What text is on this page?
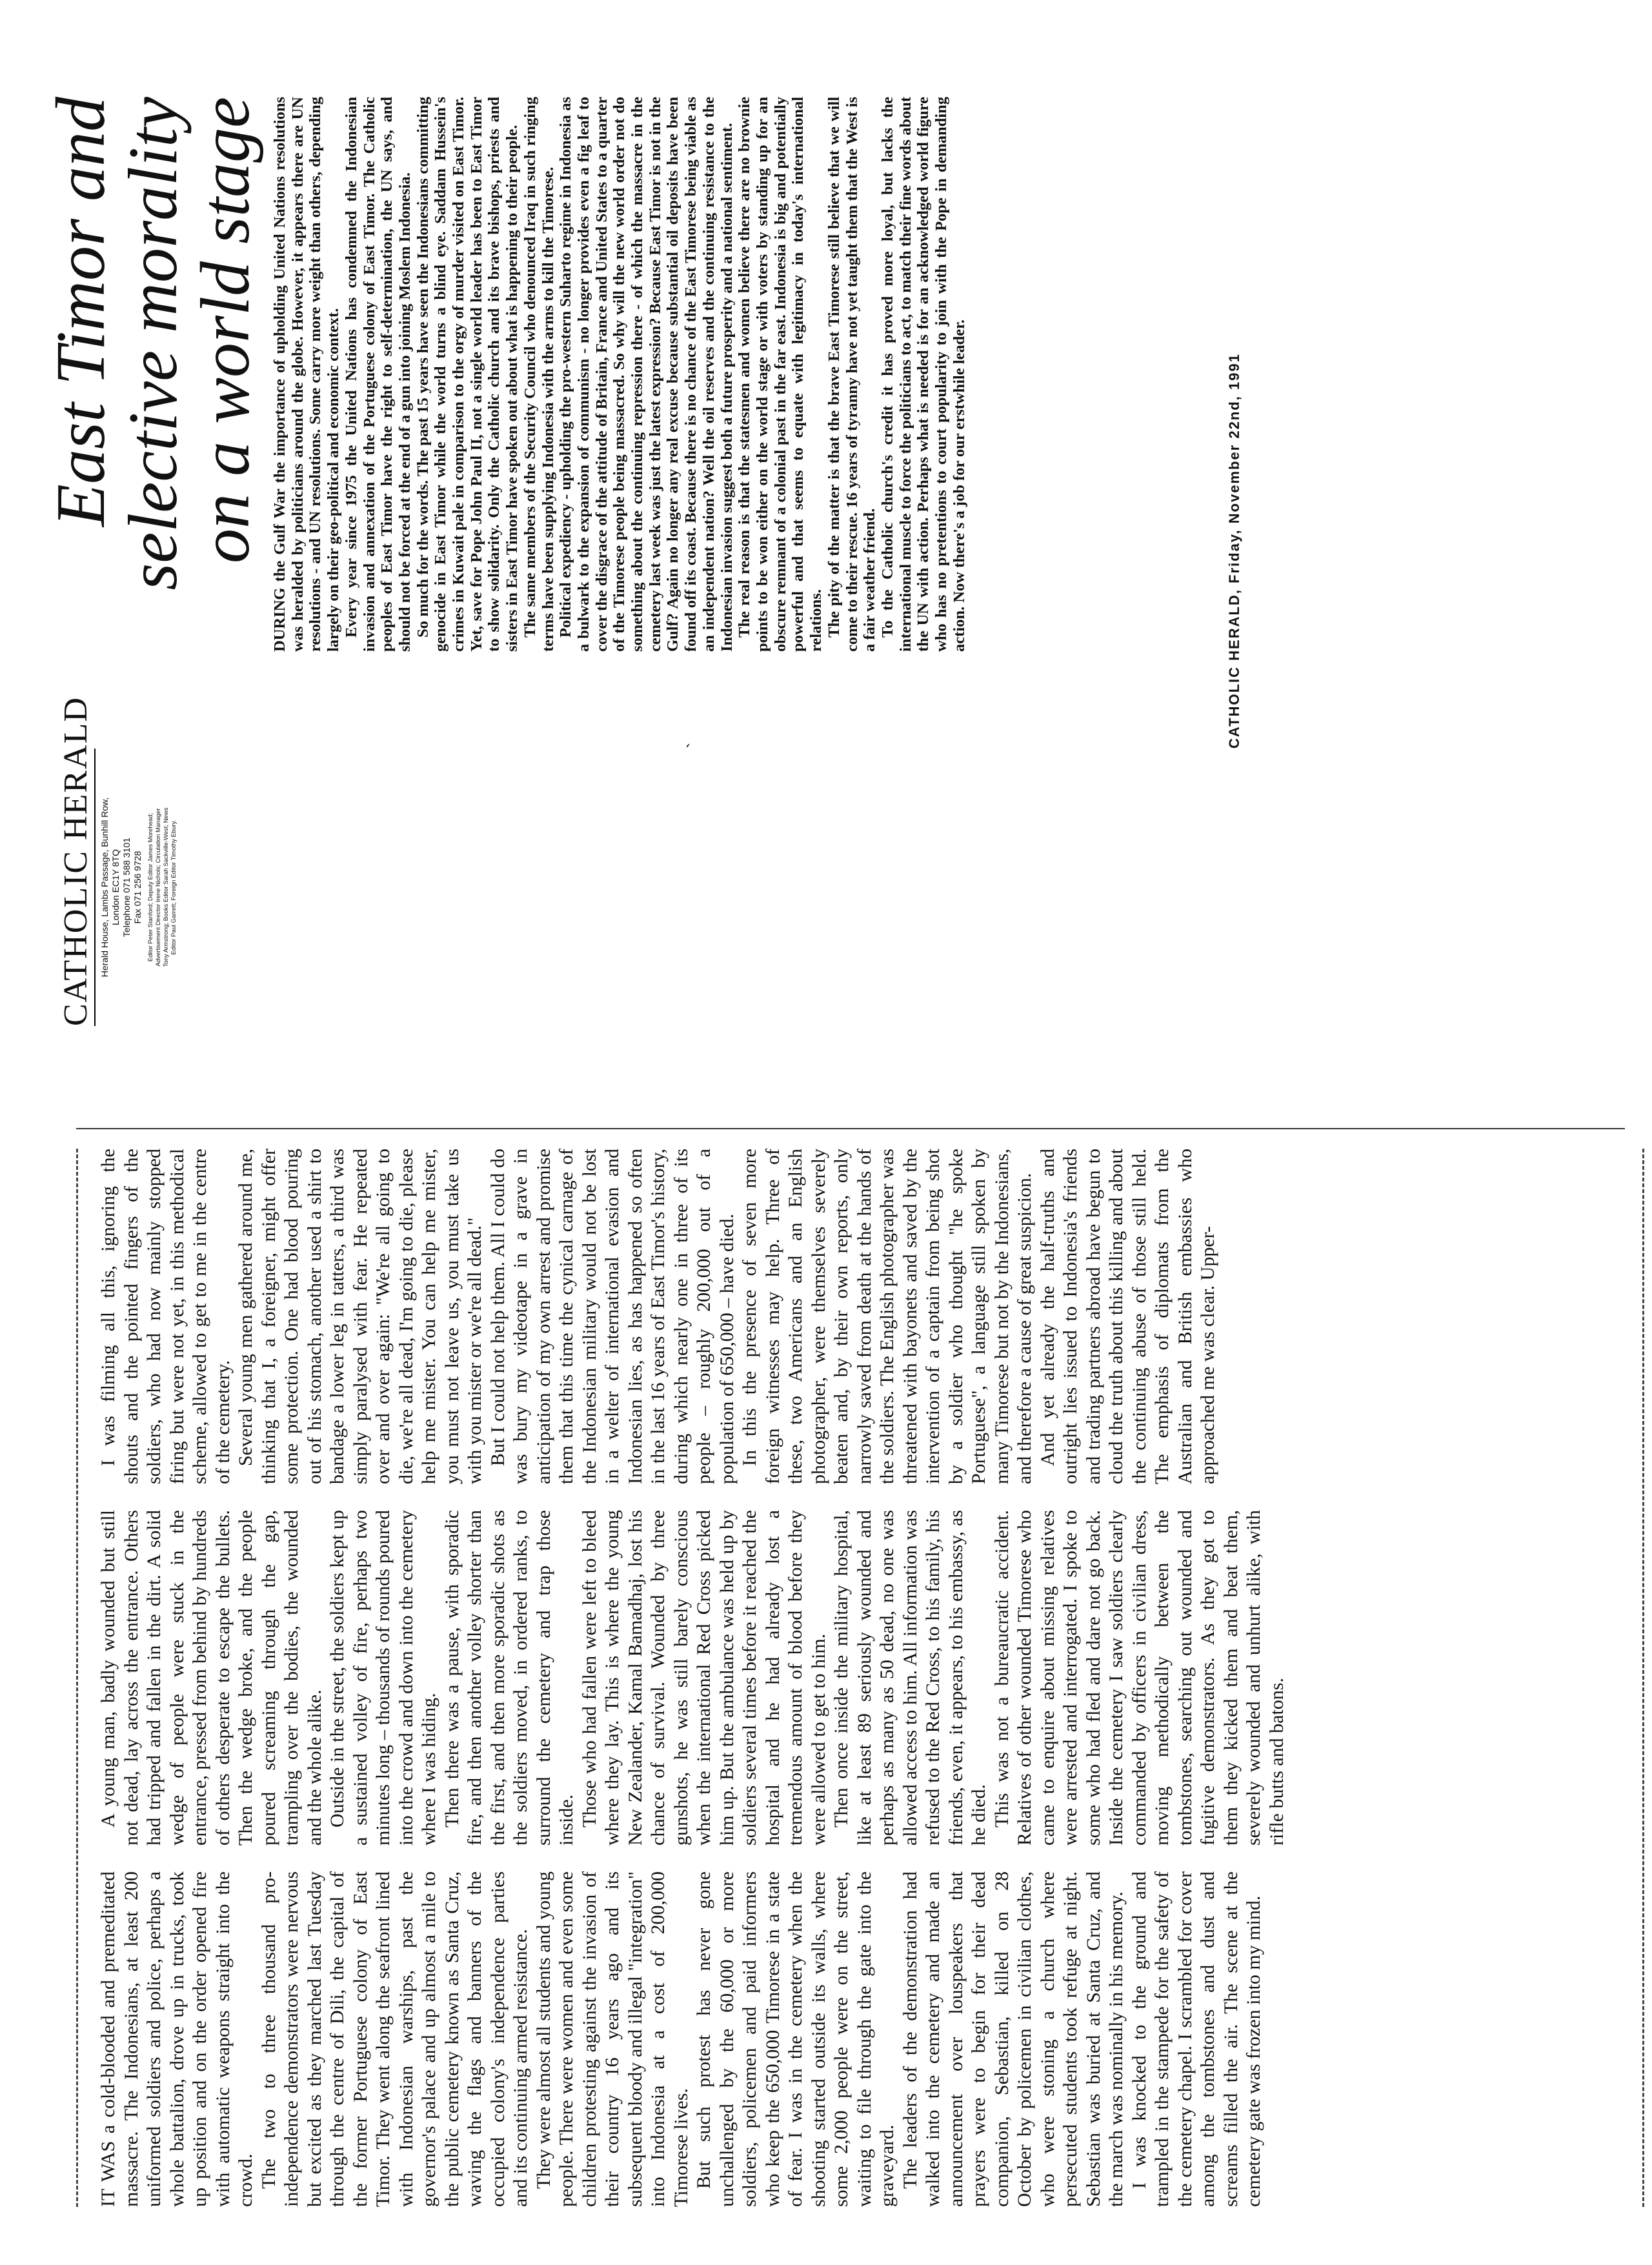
IT WAS a cold-blooded and premeditated massacre. The Indonesians, at least 200 uniformed soldiers and police, perhaps a whole battalion, drove up in trucks, took up position and on the order opened fire with automatic weapons straight into the crowd. The two to three thousand pro-independence demonstrators were nervous but excited as they marched last Tuesday through the centre of Dili, the capital of the former Portuguese colony of East Timor. They went along the seafront lined with Indonesian warships, past the governor's palace and up almost a mile to the public cemetery known as Santa Cruz, waving the flags and banners of the occupied colony's independence parties and its continuing armed resistance. They were almost all students and young people. There were women and even some children protesting against the invasion of their country 16 years ago and its subsequent bloody and illegal "integration" into Indonesia at a cost of 200,000 Timorese lives. But such protest has never gone unchallenged by the 60,000 or more soldiers, policemen and paid informers who keep the 650,000 Timorese in a state of fear. I was in the cemetery when the shooting started outside its walls, where some 2,000 people were on the street, waiting to file through the gate into the graveyard. The leaders of the demonstration had walked into the cemetery and made an announcement over louspeakers that prayers were to begin for their dead companion, Sebastian, killed on 28 October by policemen in civilian clothes, who were stoning a church where persecuted students took refuge at night. Sebastian was buried at Santa Cruz, and the march was nominally in his memory. I was knocked to the ground and trampled in the stampede for the safety of the cemetery chapel. I scrambled for cover among the tombstones and dust and screams filled the air. The scene at the cemetery gate was frozen into my mind.

A young man, badly wounded but still not dead, lay across the entrance. Others had tripped and fallen in the dirt. A solid wedge of people were stuck in the entrance, pressed from behind by hundreds of others desperate to escape the bullets. Then the wedge broke, and the people poured screaming through the gap, trampling over the bodies, the wounded and the whole alike. Outside in the street, the soldiers kept up a sustained volley of fire, perhaps two minutes long – thousands of rounds poured into the crowd and down into the cemetery where I was hiding. Then there was a pause, with sporadic fire, and then another volley shorter than the first, and then more sporadic shots as the soldiers moved, in ordered ranks, to surround the cemetery and trap those inside. Those who had fallen were left to bleed where they lay. This is where the young New Zealander, Kamal Bamadhaj, lost his chance of survival. Wounded by three gunshots, he was still barely conscious when the international Red Cross picked him up. But the ambulance was held up by soldiers several times before it reached the hospital and he had already lost a tremendous amount of blood before they were allowed to get to him. Then once inside the military hospital, like at least 89 seriously wounded and perhaps as many as 50 dead, no one was allowed access to him. All information was refused to the Red Cross, to his family, his friends, even, it appears, to his embassy, as he died. This was not a bureaucratic accident. Relatives of other wounded Timorese who came to enquire about missing relatives were arrested and interrogated. I spoke to some who had fled and dare not go back. Inside the cemetery I saw soldiers clearly commanded by officers in civilian dress, moving methodically between the tombstones, searching out wounded and fugitive demonstrators. As they got to them they kicked them and beat them, severely wounded and unhurt alike, with rifle butts and batons.

I was filming all this, ignoring the shouts and the pointed fingers of the soldiers, who had now mainly stopped firing but were not yet, in this methodical scheme, allowed to get to me in the centre of the cemetery. Several young men gathered around me, thinking that I, a foreigner, might offer some protection. One had blood pouring out of his stomach, another used a shirt to bandage a lower leg in tatters, a third was simply paralysed with fear. He repeated over and over again: "We're all going to die, we're all dead, I'm going to die, please help me mister. You can help me mister, you must not leave us, you must take us with you mister or we're all dead." But I could not help them. All I could do was bury my videotape in a grave in anticipation of my own arrest and promise them that this time the cynical carnage of the Indonesian military would not be lost in a welter of international evasion and Indonesian lies, as has happened so often in the last 16 years of East Timor's history, during which nearly one in three of its people – roughly 200,000 out of a population of 650,000 – have died. In this the presence of seven more foreign witnesses may help. Three of these, two Americans and an English photographer, were themselves severely beaten and, by their own reports, only narrowly saved from death at the hands of the soldiers. The English photographer was threatened with bayonets and saved by the intervention of a captain from being shot by a soldier who thought "he spoke Portuguese", a language still spoken by many Timorese but not by the Indonesians, and therefore a cause of great suspicion. And yet already the half-truths and outright lies issued to Indonesia's friends and trading partners abroad have begun to cloud the truth about this killing and about the continuing abuse of those still held. The emphasis of diplomats from the Australian and British embassies who approached me was clear. Upper-

CATHOLIC HERALD Herald House, Lambs Passage, Bunhill Row, London EC1Y 8TQ Telephone 071 588 3101 Fax 071 256 9728 Editor Peter Stanford; Deputy Editor James Morehead; Advertisement Director Irene Nichols; Circulation Manager Tony Armstrong; Books Editor Sarah Sackville-West; News Editor Paul Garrett; Foreign Editor Timothy Ebury.

East Timor and

selective morality

on a world stage DURING the Gulf War the importance of upholding United Nations resolutions was heralded by politicians around the globe. However, it appears there are UN resolutions - and UN resolutions. Some carry more weight than others, depending largely on their geo-political and economic context. Every year since 1975 the United Nations has condemned the Indonesian invasion and annexation of the Portuguese colony of East Timor. The Catholic peoples of East Timor have the right to self-determination, the UN says, and should not be forced at the end of a gun into joining Moslem Indonesia. So much for the words. The past 15 years have seen the Indonesians committing genocide in East Timor while the world turns a blind eye. Saddam Hussein's crimes in Kuwait pale in comparison to the orgy of murder visited on East Timor. Yet, save for Pope John Paul II, not a single world leader has been to East Timor to show solidarity. Only the Catholic church and its brave bishops, priests and sisters in East Timor have spoken out about what is happening to their people. The same members of the Security Council who denounced Iraq in such ringing terms have been supplying Indonesia with the arms to kill the Timorese. Political expediency - upholding the pro-western Suharto regime in Indonesia as a bulwark to the expansion of communism - no longer provides even a fig leaf to cover the disgrace of the attitude of Britain, France and United States to a quarter of the Timorese people being massacred. So why will the new world order not do something about the continuing repression there - of which the massacre in the cemetery last week was just the latest expression? Because East Timor is not in the Gulf? Again no longer any real excuse because substantial oil deposits have been found off its coast. Because there is no chance of the East Timorese being viable as an independent nation? Well the oil reserves and the continuing resistance to the Indonesian invasion suggest both a future prosperity and a national sentiment. The real reason is that the statesmen and women believe there are no brownie points to be won either on the world stage or with voters by standing up for an obscure remnant of a colonial past in the far east. Indonesia is big and potentially powerful and that seems to equate with legitimacy in today's international relations. The pity of the matter is that the brave East Timorese still believe that we will come to their rescue. 16 years of tyranny have not yet taught them that the West is a fair weather friend. To the Catholic church's credit it has proved more loyal, but lacks the international muscle to force the politicians to act, to match their fine words about the UN with action. Perhaps what is needed is for an acknowledged world figure who has no pretentions to court popularity to join with the Pope in demanding action. Now there's a job for our erstwhile leader.	CATHOLIC HERALD, Friday, November 22nd, 1991
`
